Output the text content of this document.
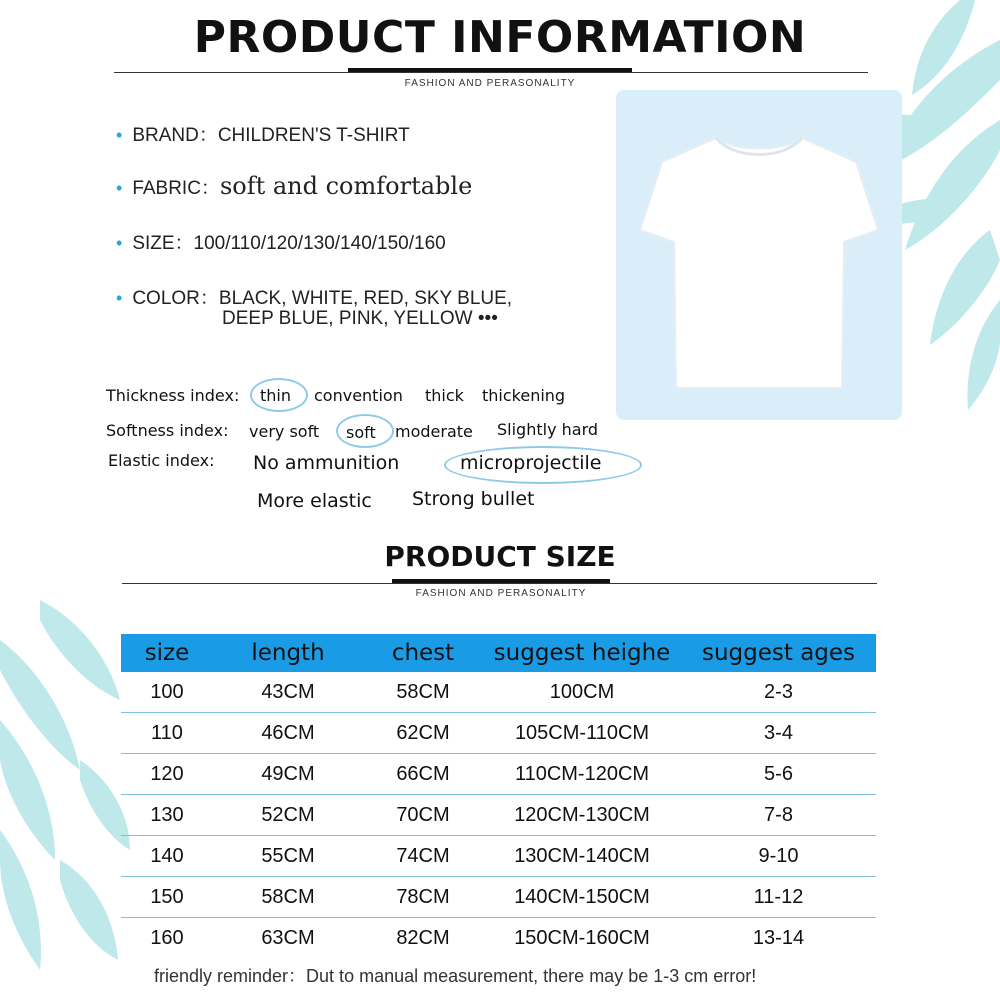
PRODUCT INFORMATION
FASHION AND PERASONALITY
• BRAND：CHILDREN'S T-SHIRT
• FABRIC：soft and comfortable
• SIZE：100/110/120/130/140/150/160
• COLOR：BLACK, WHITE, RED, SKY BLUE,
DEEP BLUE, PINK, YELLOW •••
Thickness index: thin convention thick thickening
Softness index: very soft soft moderate Slightly hard
Elastic index: No ammunition	microprojectile
More elastic Strong bullet
PRODUCT SIZE
FASHION AND PERASONALITY
size	length	chest	suggest heighe	suggest ages
100	43CM	58CM	100CM	2-3
110	46CM	62CM	105CM-110CM	3-4
120	49CM	66CM	110CM-120CM	5-6
130	52CM	70CM	120CM-130CM	7-8
140	55CM	74CM	130CM-140CM	9-10
150	58CM	78CM	140CM-150CM	11-12
160	63CM	82CM	150CM-160CM	13-14
friendly reminder：Dut to manual measurement, there may be 1-3 cm error!
